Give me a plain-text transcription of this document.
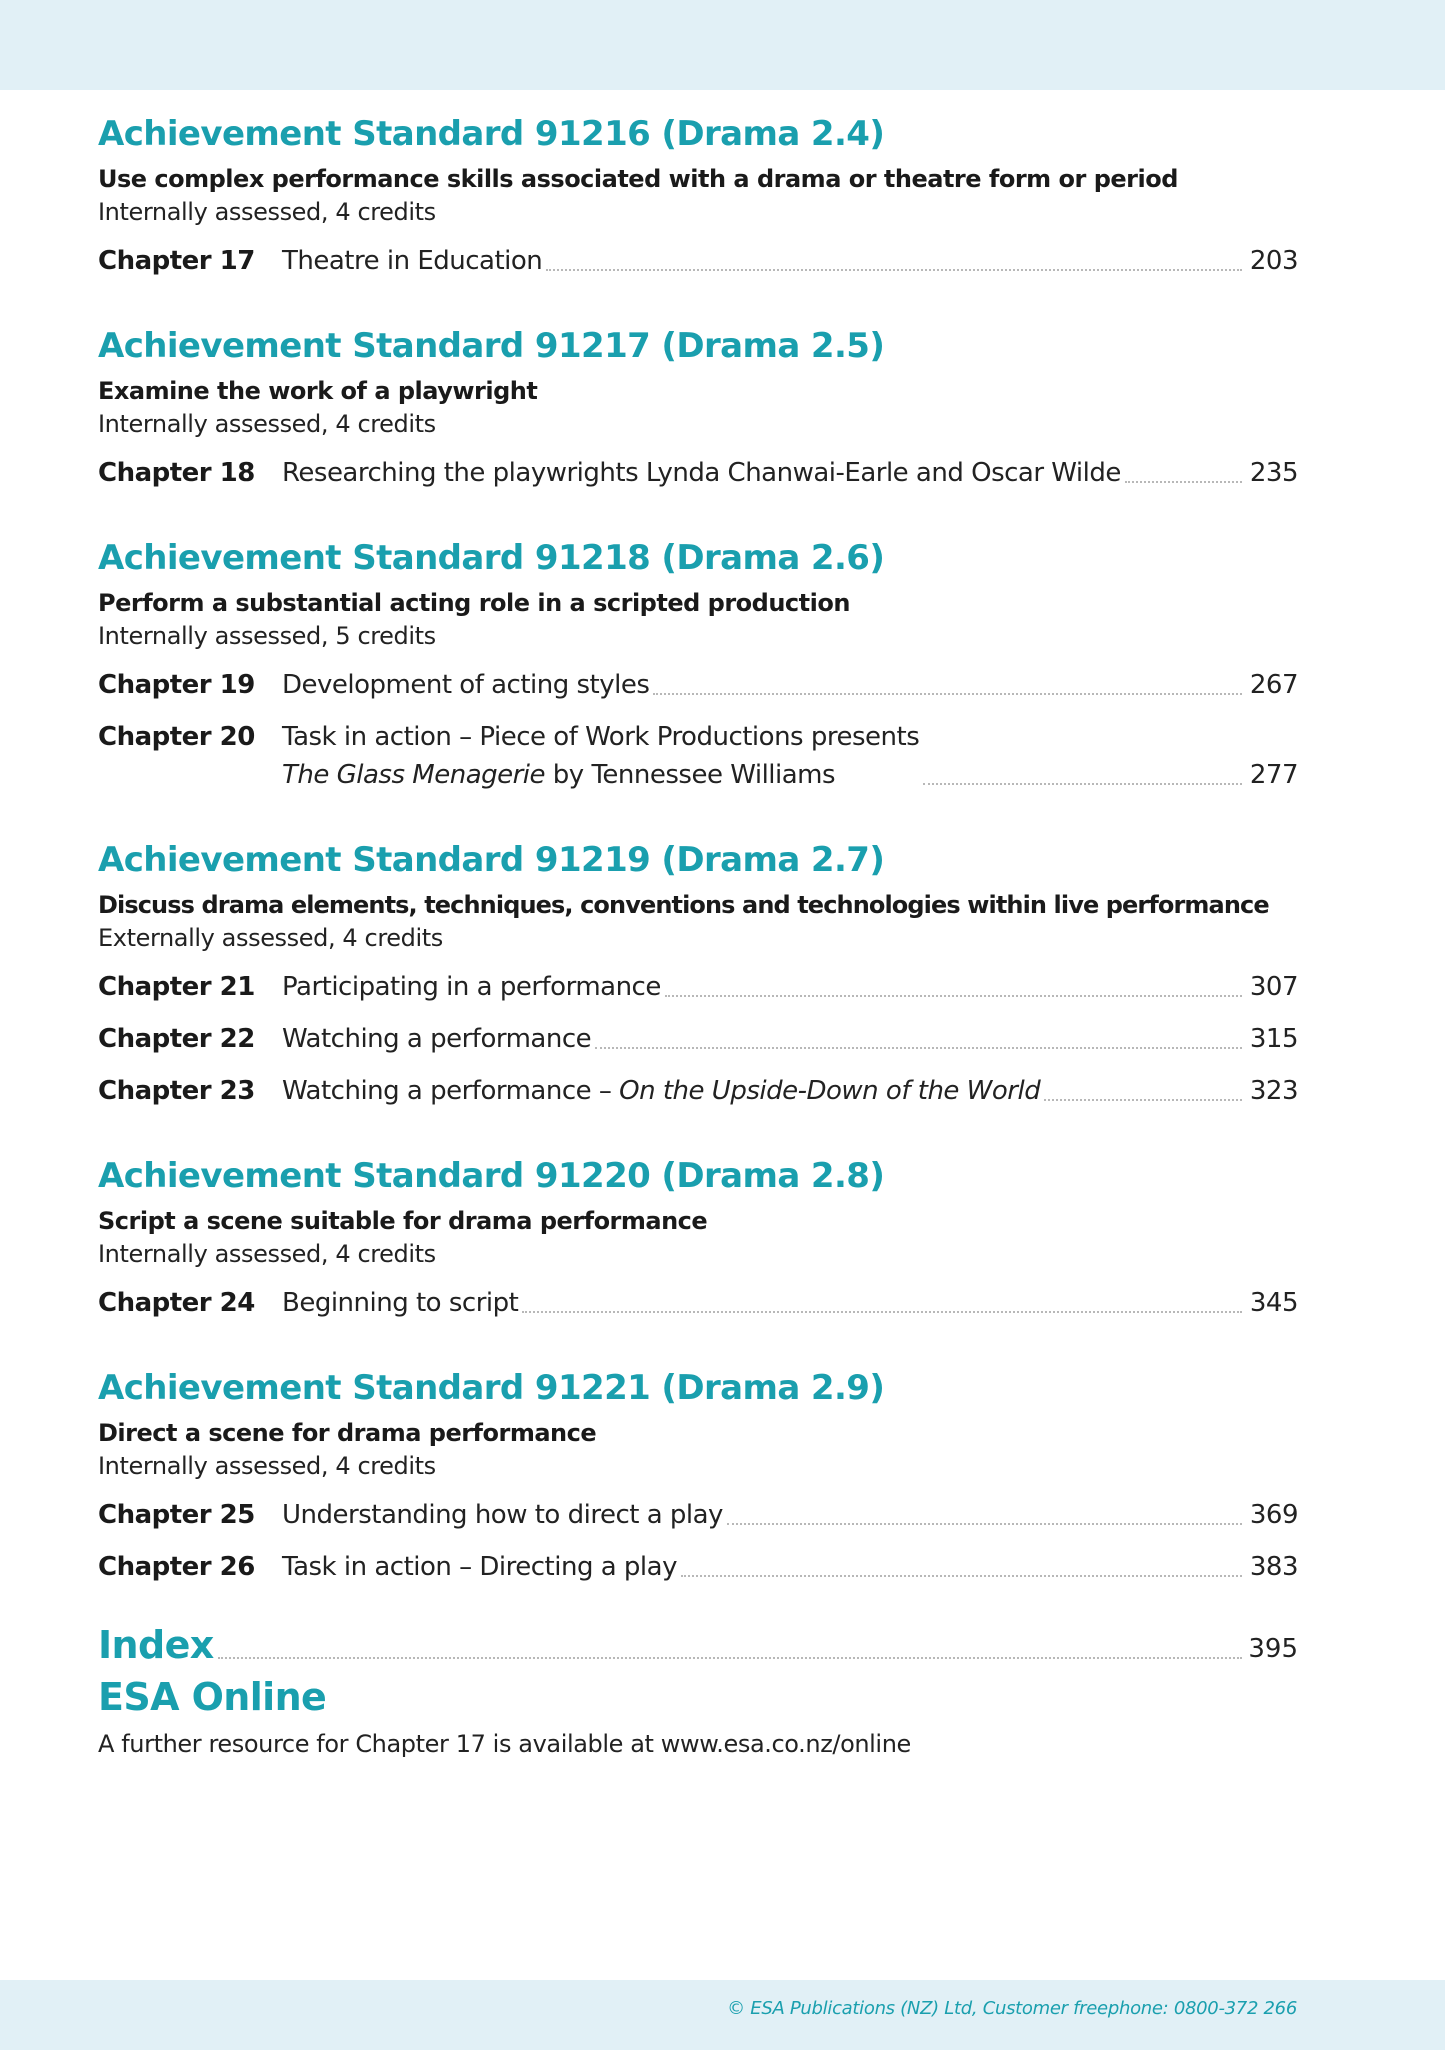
Achievement Standard 91216 (Drama 2.4)
Use complex performance skills associated with a drama or theatre form or period
Internally assessed, 4 credits
Chapter 17	Theatre in Education	203
Achievement Standard 91217 (Drama 2.5)
Examine the work of a playwright
Internally assessed, 4 credits
Chapter 18	Researching the playwrights Lynda Chanwai-Earle and Oscar Wilde	235
Achievement Standard 91218 (Drama 2.6)
Perform a substantial acting role in a scripted production
Internally assessed, 5 credits
Chapter 19	Development of acting styles	267
Chapter 20	Task in action – Piece of Work Productions presents
The Glass Menagerie by Tennessee Williams	277
Achievement Standard 91219 (Drama 2.7)
Discuss drama elements, techniques, conventions and technologies within live performance
Externally assessed, 4 credits
Chapter 21	Participating in a performance	307
Chapter 22	Watching a performance	315
Chapter 23	Watching a performance – On the Upside-Down of the World	323
Achievement Standard 91220 (Drama 2.8)
Script a scene suitable for drama performance
Internally assessed, 4 credits
Chapter 24	Beginning to script	345
Achievement Standard 91221 (Drama 2.9)
Direct a scene for drama performance
Internally assessed, 4 credits
Chapter 25	Understanding how to direct a play	369
Chapter 26	Task in action – Directing a play	383
Index	395
ESA Online
A further resource for Chapter 17 is available at www.esa.co.nz/online
© ESA Publications (NZ) Ltd, Customer freephone: 0800-372 266
